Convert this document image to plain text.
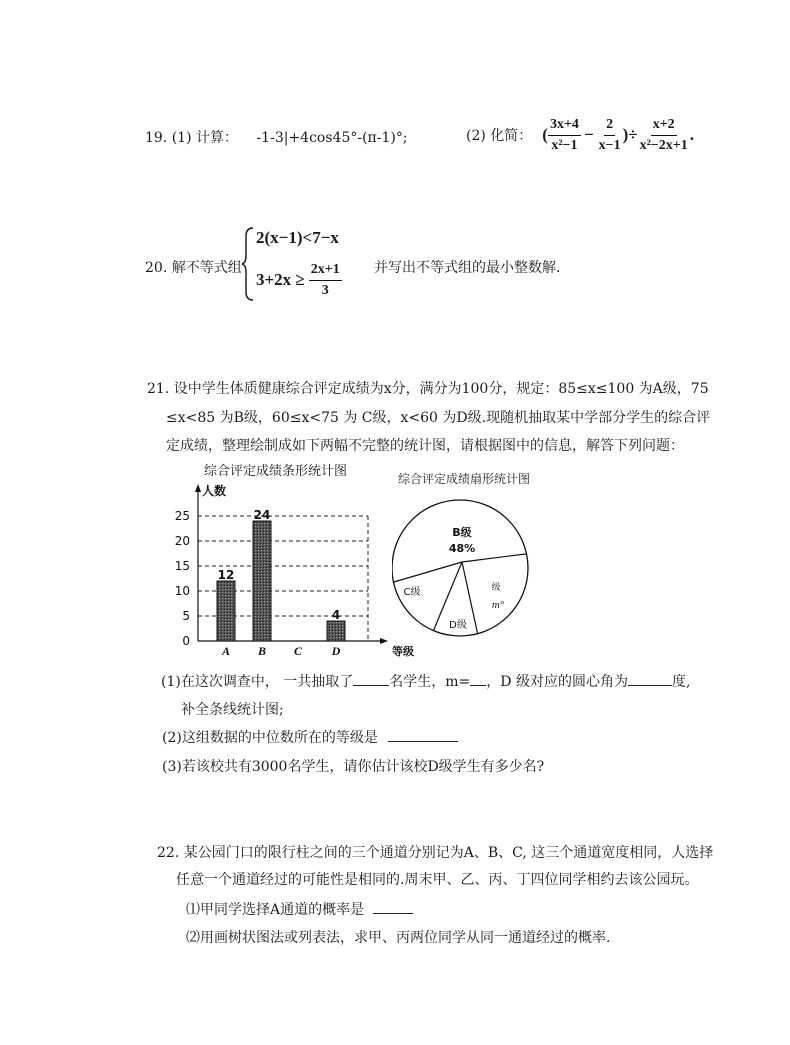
19. (1) 计算： -1-3|+4cos45°-(π-1)°;	(2) 化简： ( $\frac{3x+4}{\text{x²−1}} - \frac{2}{x-1}$ )÷ $\frac{x+2}{\text{x²−2x+1}}$ .
20. 解不等式组
2(x−1)<7−x
$3+2x \ge \frac{2x+1}{3}$ 并写出不等式组的最小整数解.
21. 设中学生体质健康综合评定成绩为x分，满分为100分，规定：85≤x≤100 为A级，75
≤x<85 为B级，60≤x<75 为 C级，x<60 为D级.现随机抽取某中学部分学生的综合评
定成绩，整理绘制成如下两幅不完整的统计图，请根据图中的信息，解答下列问题：
综合评定成绩条形统计图	综合评定成绩扇形统计图
0
5
10
15
20
25
人数
等级
A
12
B
24
C D
4
B级
48%
级
m°
D级
C级
(1)在这次调查中， 一共抽取了	名学生，m= ，D 级对应的圆心角为	度,
补全条线统计图;
(2)这组数据的中位数所在的等级是
(3)若该校共有3000名学生，请你估计该校D级学生有多少名?
22. 某公园门口的限行柱之间的三个通道分别记为A、B、C, 这三个通道宽度相同，人选择
任意一个通道经过的可能性是相同的.周末甲、乙、丙、丁四位同学相约去该公园玩。
⑴甲同学选择A通道的概率是
⑵用画树状图法或列表法，求甲、丙两位同学从同一通道经过的概率.
